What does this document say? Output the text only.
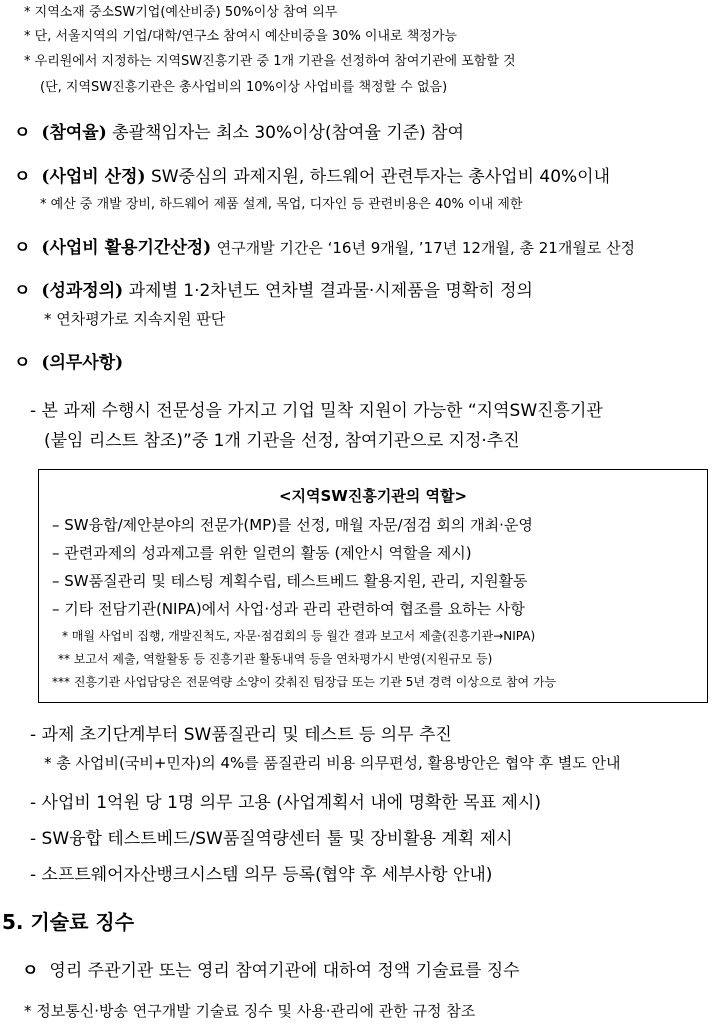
* 지역소재 중소SW기업(예산비중) 50%이상 참여 의무
* 단, 서울지역의 기업/대학/연구소 참여시 예산비중을 30% 이내로 책정가능
* 우리원에서 지정하는 지역SW진흥기관 중 1개 기관을 선정하여 참여기관에 포함할 것
(단, 지역SW진흥기관은 총사업비의 10%이상 사업비를 책정할 수 없음)
ㅇ (참여율) 총괄책임자는 최소 30%이상(참여율 기준) 참여
ㅇ (사업비 산정) SW중심의 과제지원, 하드웨어 관련투자는 총사업비 40%이내
* 예산 중 개발 장비, 하드웨어 제품 설계, 목업, 디자인 등 관련비용은 40% 이내 제한
ㅇ (사업비 활용기간산정) 연구개발 기간은 ‘16년 9개월, ’17년 12개월, 총 21개월로 산정
ㅇ (성과정의) 과제별 1·2차년도 연차별 결과물·시제품을 명확히 정의
* 연차평가로 지속지원 판단
ㅇ (의무사항)
- 본 과제 수행시 전문성을 가지고 기업 밀착 지원이 가능한 “지역SW진흥기관
(붙임 리스트 참조)”중 1개 기관을 선정, 참여기관으로 지정·추진
<지역SW진흥기관의 역할>
– SW융합/제안분야의 전문가(MP)를 선정, 매월 자문/점검 회의 개최·운영
– 관련과제의 성과제고를 위한 일련의 활동 (제안시 역할을 제시)
– SW품질관리 및 테스팅 계획수립, 테스트베드 활용지원, 관리, 지원활동
– 기타 전담기관(NIPA)에서 사업·성과 관리 관련하여 협조를 요하는 사항
* 매월 사업비 집행, 개발진척도, 자문·점검회의 등 월간 결과 보고서 제출(진흥기관→NIPA)
** 보고서 제출, 역할활동 등 진흥기관 활동내역 등을 연차평가시 반영(지원규모 등)
*** 진흥기관 사업담당은 전문역량 소양이 갖춰진 팀장급 또는 기관 5년 경력 이상으로 참여 가능
- 과제 초기단계부터 SW품질관리 및 테스트 등 의무 추진
* 총 사업비(국비+민자)의 4%를 품질관리 비용 의무편성, 활용방안은 협약 후 별도 안내
- 사업비 1억원 당 1명 의무 고용 (사업계획서 내에 명확한 목표 제시)
- SW융합 테스트베드/SW품질역량센터 툴 및 장비활용 계획 제시
- 소프트웨어자산뱅크시스템 의무 등록(협약 후 세부사항 안내)
5. 기술료 징수
ㅇ 영리 주관기관 또는 영리 참여기관에 대하여 정액 기술료를 징수
* 정보통신·방송 연구개발 기술료 징수 및 사용·관리에 관한 규정 참조
